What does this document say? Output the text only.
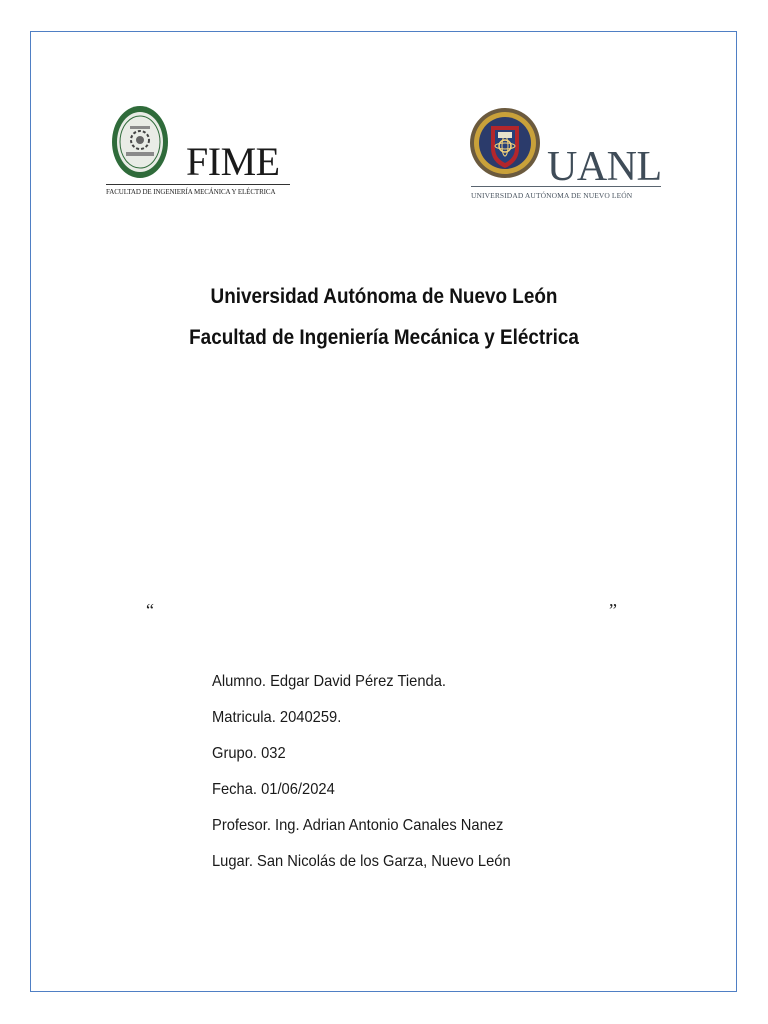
FIME
FACULTAD DE INGENIERÍA MECÁNICA Y ELÉCTRICA
UANL
UNIVERSIDAD AUTÓNOMA DE NUEVO LEÓN
Universidad Autónoma de Nuevo León
Facultad de Ingeniería Mecánica y Eléctrica
“	”
Alumno. Edgar David Pérez Tienda.
Matricula. 2040259.
Grupo. 032
Fecha. 01/06/2024
Profesor. Ing. Adrian Antonio Canales Nanez
Lugar. San Nicolás de los Garza, Nuevo León
